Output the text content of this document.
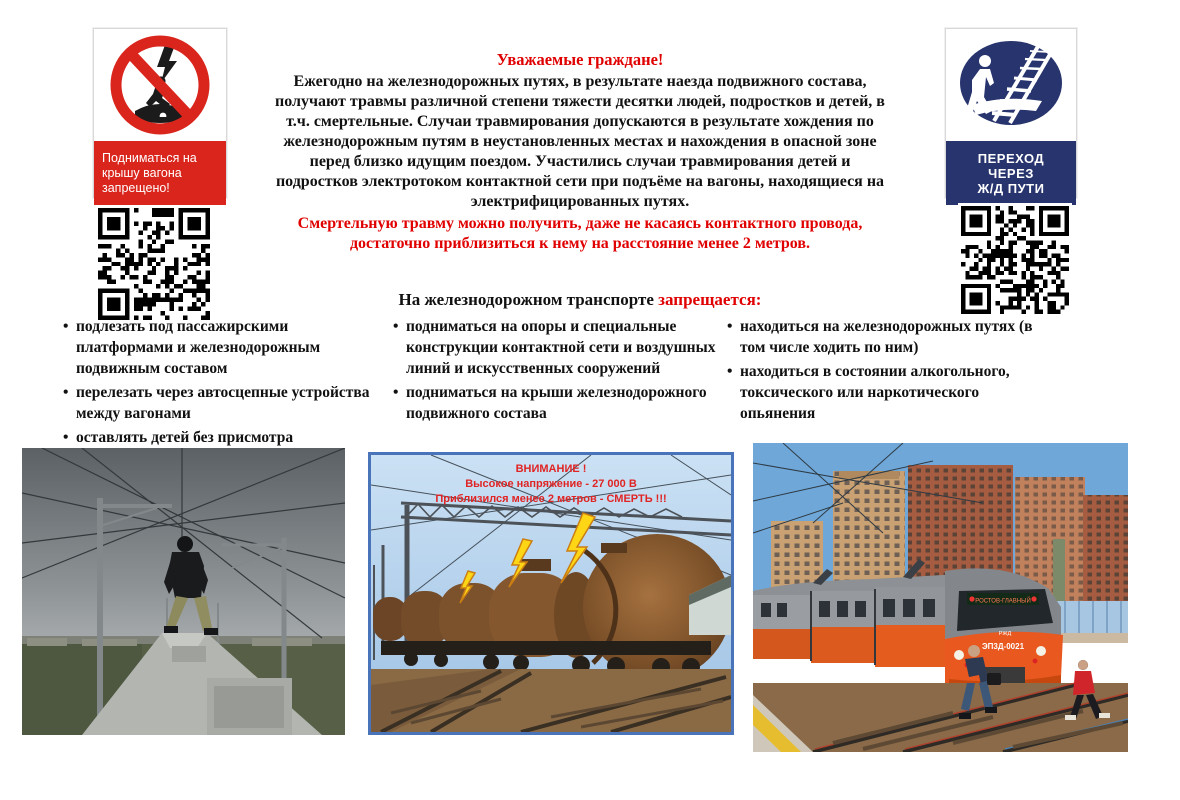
Подниматься на
крышу вагона
запрещено!
ПЕРЕХОД
ЧЕРЕЗ
Ж/Д ПУТИ
Уважаемые граждане!
Ежегодно на железнодорожных путях, в результате наезда подвижного состава, получают травмы различной степени тяжести десятки людей, подростков и детей, в т.ч. смертельные. Случаи травмирования допускаются в результате хождения по железнодорожным путям в неустановленных местах и нахождения в опасной зоне перед близко идущим поездом. Участились случаи травмирования детей и подростков электротоком контактной сети при подъёме на вагоны, находящиеся на электрифицированных путях.
Смертельную травму можно получить, даже не касаясь контактного провода, достаточно приблизиться к нему на расстояние менее 2 метров.
На железнодорожном транспорте запрещается:
• подлезать под пассажирскими платформами и железнодорожным подвижным составом
• перелезать через автосцепные устройства между вагонами
• оставлять детей без присмотра
• подниматься на опоры и специальные конструкции контактной сети и воздушных линий и искусственных сооружений
• подниматься на крыши железнодорожного подвижного состава
• находиться на железнодорожных путях (в том числе ходить по ним)
• находиться в состоянии алкогольного, токсического или наркотического опьянения
ВНИМАНИЕ !
Высокое напряжение - 27 000 В
Приблизился менее 2 метров - СМЕРТЬ !!!
РЖД
ЭП3Д-0021
РОСТОВ-ГЛАВНЫЙ
